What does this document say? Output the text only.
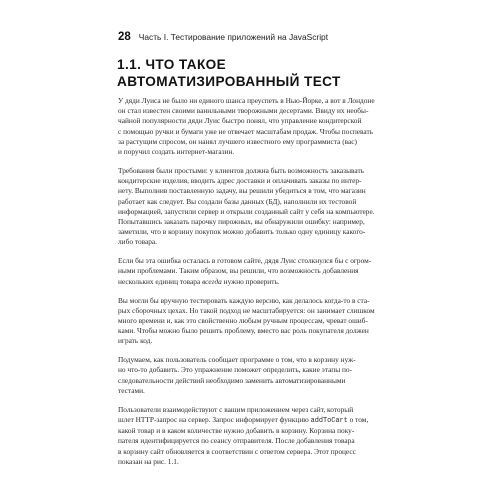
28 Часть I. Тестирование приложений на JavaScript
1.1. ЧТО ТАКОЕ
АВТОМАТИЗИРОВАННЫЙ ТЕСТ

У дяди Луиса не было ни единого шанса преуспеть в Нью-Йорке, а вот в Лондоне
он стал известен своими ванильными творожными десертами. Ввиду их необы-
чайной популярности дяди Луис быстро понял, что управление кондитерской
с помощью ручки и бумаги уже не отвечает масштабам продаж. Чтобы поспевать
за растущим спросом, он нанял лучшего известного ему программиста (вас)
и поручил создать интернет-магазин.

Требования были простыми: у клиентов должна быть возможность заказывать
кондитерские изделия, вводить адрес доставки и оплачивать заказы по интер-
нету. Выполнив поставленную задачу, вы решили убедиться в том, что магазин
работает как следует. Вы создали базы данных (БД), наполнили их тестовой
информацией, запустили сервер и открыли созданный сайт у себя на компьютере.
Попытавшись заказать парочку пирожных, вы обнаружили ошибку: например,
заметили, что в корзину покупок можно добавить только одну единицу какого-
либо товара.

Если бы эта ошибка осталась в готовом сайте, дядя Луис столкнулся бы с огром-
ными проблемами. Таким образом, вы решили, что возможность добавления
нескольких единиц товара всегда нужно проверить.

Вы могли бы вручную тестировать каждую версию, как делалось когда-то в ста-
рых сборочных цехах. Но такой подход не масштабируется: он занимает слишком
много времени и, как это свойственно любым ручным процессам, чреват ошиб-
ками. Чтобы можно было решить проблему, вместо вас роль покупателя должен
играть код.

Подумаем, как пользователь сообщает программе о том, что в корзину нуж-
но что-то добавить. Это упражнение поможет определить, какие этапы по-
следовательности действий необходимо заменить автоматизированными
тестами.

Пользователи взаимодействуют с вашим приложением через сайт, который
шлет HTTP-запрос на сервер. Запрос информирует функцию addToCart о том,
какой товар и в каком количестве нужно добавить в корзину. Корзина поку-
пателя идентифицируется по сеансу отправителя. После добавления товара
в корзину сайт обновляется в соответствии с ответом сервера. Этот процесс
показан на рис. 1.1.
